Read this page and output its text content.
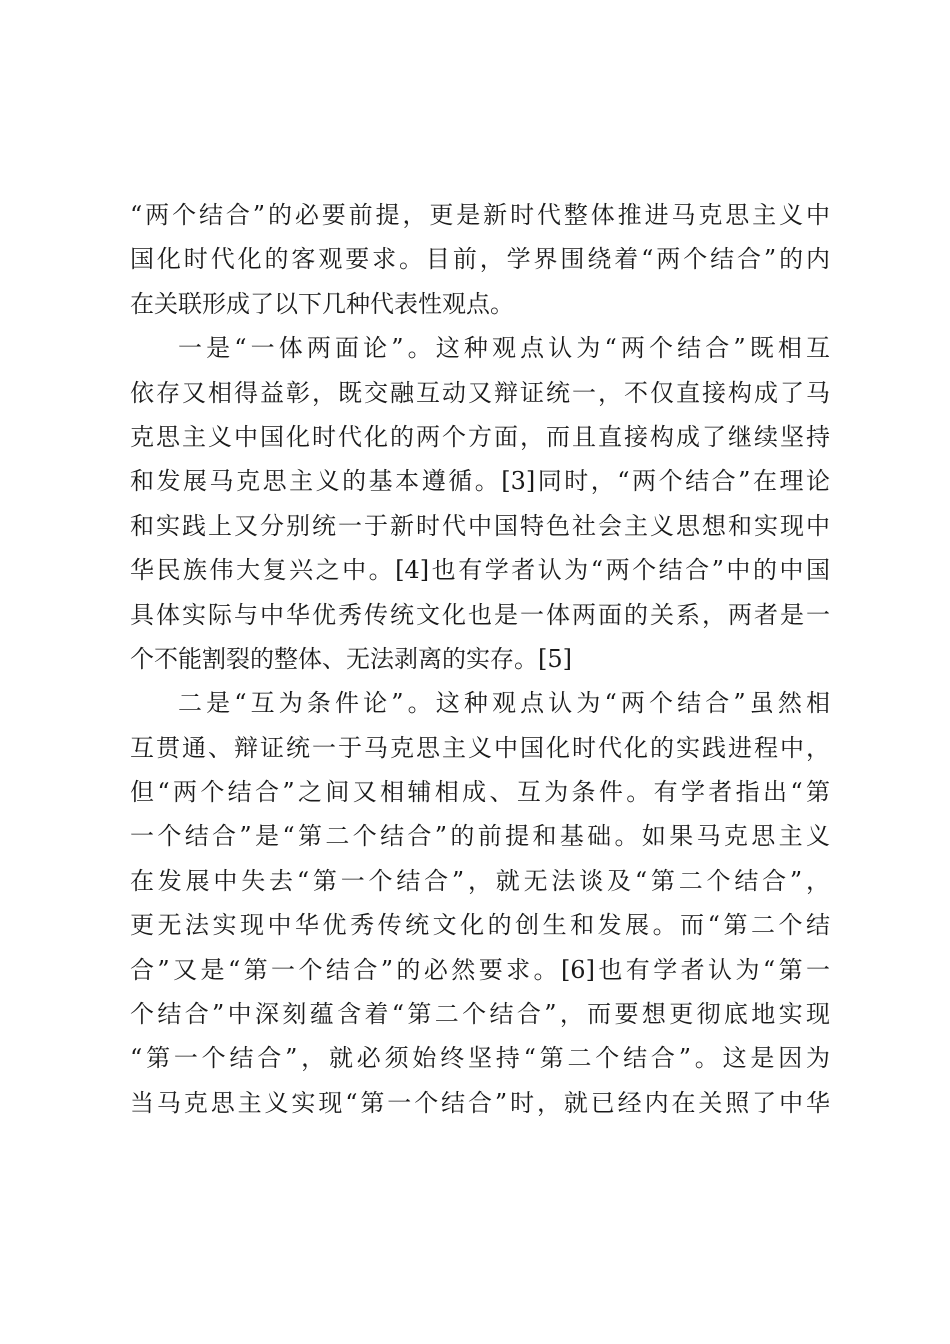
“两个结合”的必要前提，更是新时代整体推进马克思主义中
国化时代化的客观要求。目前，学界围绕着“两个结合”的内
在关联形成了以下几种代表性观点。
一是“一体两面论”。这种观点认为“两个结合”既相互
依存又相得益彰，既交融互动又辩证统一，不仅直接构成了马
克思主义中国化时代化的两个方面，而且直接构成了继续坚持
和发展马克思主义的基本遵循。[3]同时，“两个结合”在理论
和实践上又分别统一于新时代中国特色社会主义思想和实现中
华民族伟大复兴之中。[4]也有学者认为“两个结合”中的中国
具体实际与中华优秀传统文化也是一体两面的关系，两者是一
个不能割裂的整体、无法剥离的实存。[5]
二是“互为条件论”。这种观点认为“两个结合”虽然相
互贯通、辩证统一于马克思主义中国化时代化的实践进程中，
但“两个结合”之间又相辅相成、互为条件。有学者指出“第
一个结合”是“第二个结合”的前提和基础。如果马克思主义
在发展中失去“第一个结合”，就无法谈及“第二个结合”，
更无法实现中华优秀传统文化的创生和发展。而“第二个结
合”又是“第一个结合”的必然要求。[6]也有学者认为“第一
个结合”中深刻蕴含着“第二个结合”，而要想更彻底地实现
“第一个结合”，就必须始终坚持“第二个结合”。这是因为
当马克思主义实现“第一个结合”时，就已经内在关照了中华
